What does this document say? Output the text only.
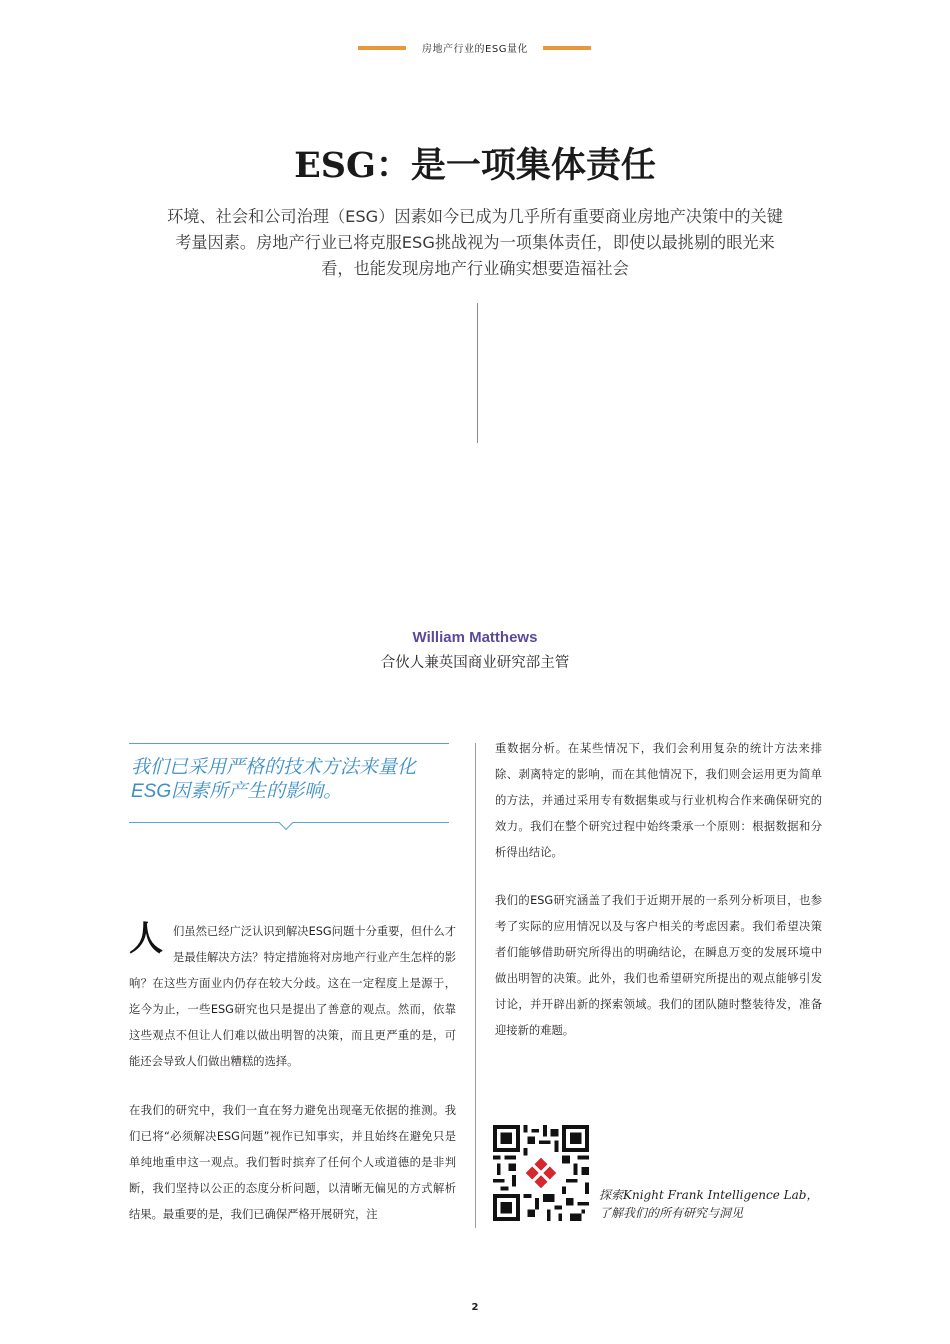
房地产行业的ESG量化
ESG：是一项集体责任
环境、社会和公司治理（ESG）因素如今已成为几乎所有重要商业房地产决策中的关键考量因素。房地产行业已将克服ESG挑战视为一项集体责任，即使以最挑剔的眼光来看，也能发现房地产行业确实想要造福社会
William Matthews
合伙人兼英国商业研究部主管
我们已采用严格的技术方法来量化ESG因素所产生的影响。
人们虽然已经广泛认识到解决ESG问题十分重要，但什么才是最佳解决方法？特定措施将对房地产行业产生怎样的影响？在这些方面业内仍存在较大分歧。这在一定程度上是源于，迄今为止，一些ESG研究也只是提出了善意的观点。然而，依靠这些观点不但让人们难以做出明智的决策，而且更严重的是，可能还会导致人们做出糟糕的选择。
在我们的研究中，我们一直在努力避免出现毫无依据的推测。我们已将“必须解决ESG问题”视作已知事实，并且始终在避免只是单纯地重申这一观点。我们暂时摈弃了任何个人或道德的是非判断，我们坚持以公正的态度分析问题，以清晰无偏见的方式解析结果。最重要的是，我们已确保严格开展研究，注
重数据分析。在某些情况下，我们会利用复杂的统计方法来排除、剥离特定的影响，而在其他情况下，我们则会运用更为简单的方法，并通过采用专有数据集或与行业机构合作来确保研究的效力。我们在整个研究过程中始终秉承一个原则：根据数据和分析得出结论。
我们的ESG研究涵盖了我们于近期开展的一系列分析项目，也参考了实际的应用情况以及与客户相关的考虑因素。我们希望决策者们能够借助研究所得出的明确结论，在瞬息万变的发展环境中做出明智的决策。此外，我们也希望研究所提出的观点能够引发讨论，并开辟出新的探索领域。我们的团队随时整装待发，准备迎接新的难题。
探索Knight Frank Intelligence Lab，
了解我们的所有研究与洞见
2
